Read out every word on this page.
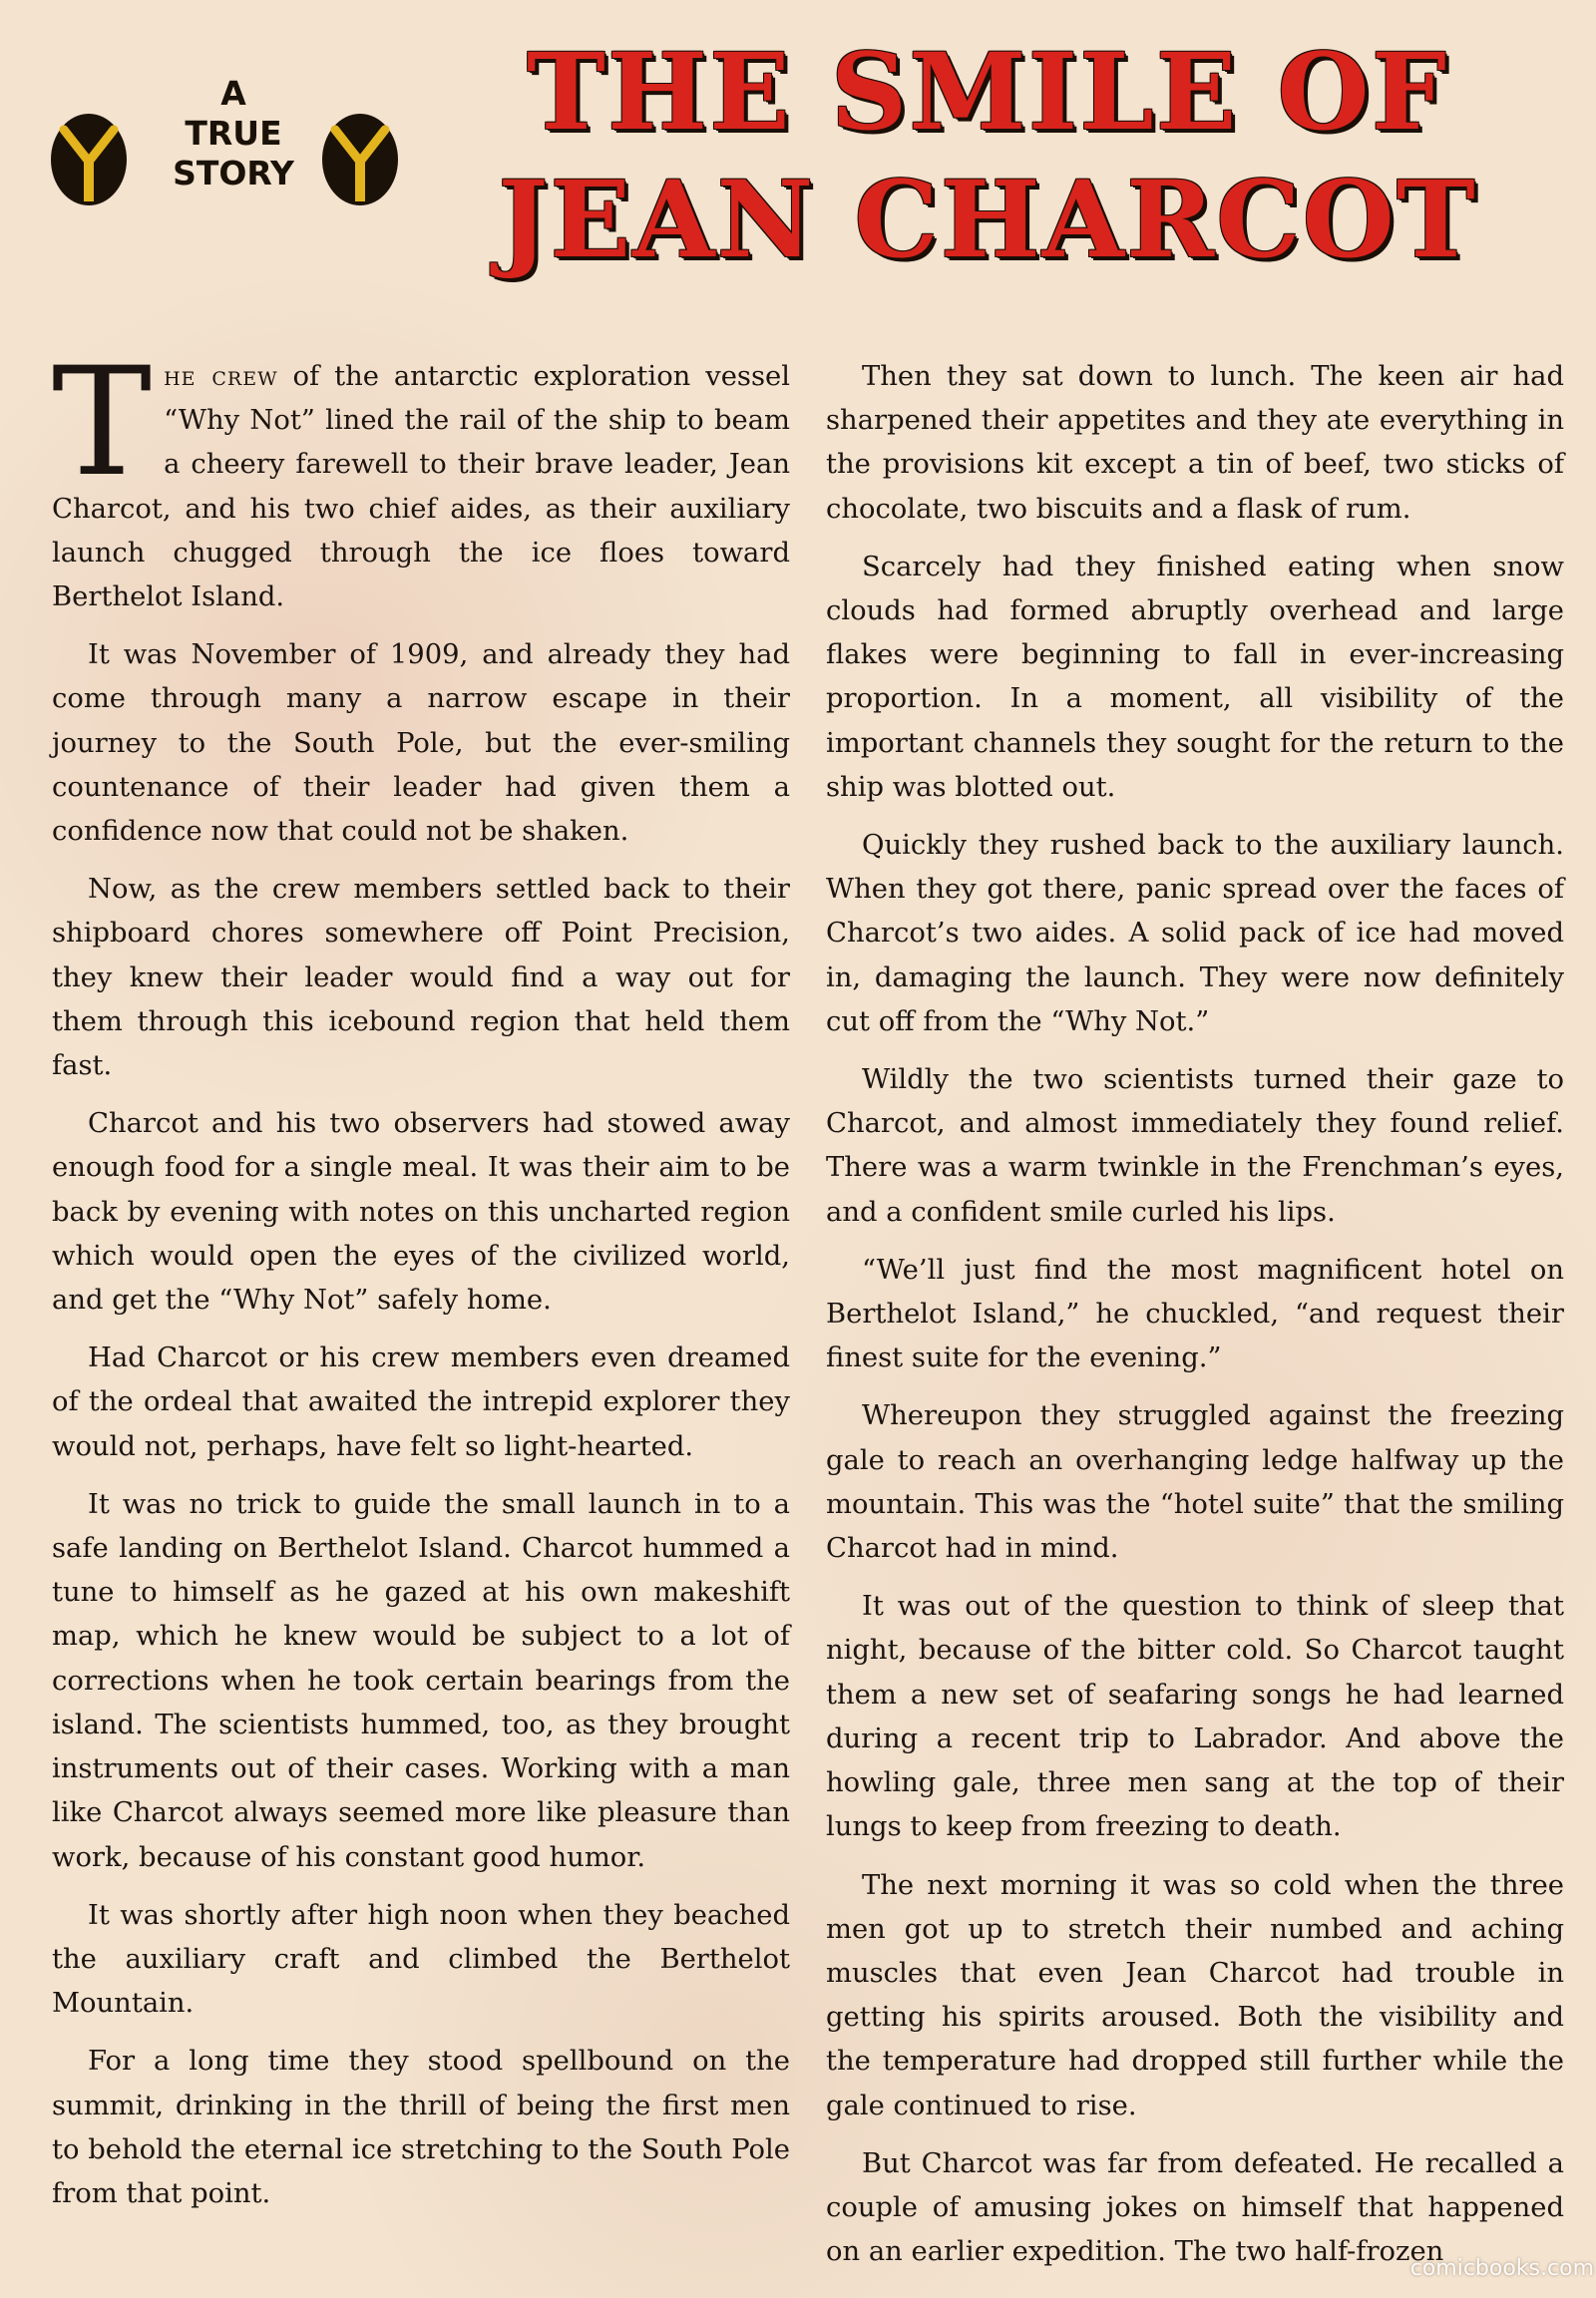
A
TRUE
STORY
THE SMILE OF
JEAN CHARCOT

The crew of the antarctic exploration vessel “Why Not” lined the rail of the ship to beam a cheery farewell to their brave leader, Jean Charcot, and his two chief aides, as their auxiliary launch chugged through the ice floes toward Berthelot Island.

It was November of 1909, and already they had come through many a narrow escape in their journey to the South Pole, but the ever-smiling countenance of their leader had given them a confidence now that could not be shaken.

Now, as the crew members settled back to their shipboard chores somewhere off Point Precision, they knew their leader would find a way out for them through this icebound region that held them fast.

Charcot and his two observers had stowed away enough food for a single meal. It was their aim to be back by evening with notes on this uncharted region which would open the eyes of the civilized world, and get the “Why Not” safely home.

Had Charcot or his crew members even dreamed of the ordeal that awaited the intrepid explorer they would not, perhaps, have felt so light-hearted.

It was no trick to guide the small launch in to a safe landing on Berthelot Island. Charcot hummed a tune to himself as he gazed at his own makeshift map, which he knew would be subject to a lot of corrections when he took certain bearings from the island. The scientists hummed, too, as they brought instruments out of their cases. Working with a man like Charcot always seemed more like pleasure than work, because of his constant good humor.

It was shortly after high noon when they beached the auxiliary craft and climbed the Berthelot Mountain.

For a long time they stood spellbound on the summit, drinking in the thrill of being the first men to behold the eternal ice stretching to the South Pole from that point.

Then they sat down to lunch. The keen air had sharpened their appetites and they ate everything in the provisions kit except a tin of beef, two sticks of chocolate, two biscuits and a flask of rum.

Scarcely had they finished eating when snow clouds had formed abruptly overhead and large flakes were beginning to fall in ever-increasing proportion. In a moment, all visibility of the important channels they sought for the return to the ship was blotted out.

Quickly they rushed back to the auxiliary launch. When they got there, panic spread over the faces of Charcot’s two aides. A solid pack of ice had moved in, damaging the launch. They were now definitely cut off from the “Why Not.”

Wildly the two scientists turned their gaze to Charcot, and almost immediately they found relief. There was a warm twinkle in the Frenchman’s eyes, and a confident smile curled his lips.

“We’ll just find the most magnificent hotel on Berthelot Island,” he chuckled, “and request their finest suite for the evening.”

Whereupon they struggled against the freezing gale to reach an overhanging ledge halfway up the mountain. This was the “hotel suite” that the smiling Charcot had in mind.

It was out of the question to think of sleep that night, because of the bitter cold. So Charcot taught them a new set of seafaring songs he had learned during a recent trip to Labrador. And above the howling gale, three men sang at the top of their lungs to keep from freezing to death.

The next morning it was so cold when the three men got up to stretch their numbed and aching muscles that even Jean Charcot had trouble in getting his spirits aroused. Both the visibility and the temperature had dropped still further while the gale continued to rise.

But Charcot was far from defeated. He recalled a couple of amusing jokes on himself that happened on an earlier expedition. The two half-frozen

comicbooks.com
